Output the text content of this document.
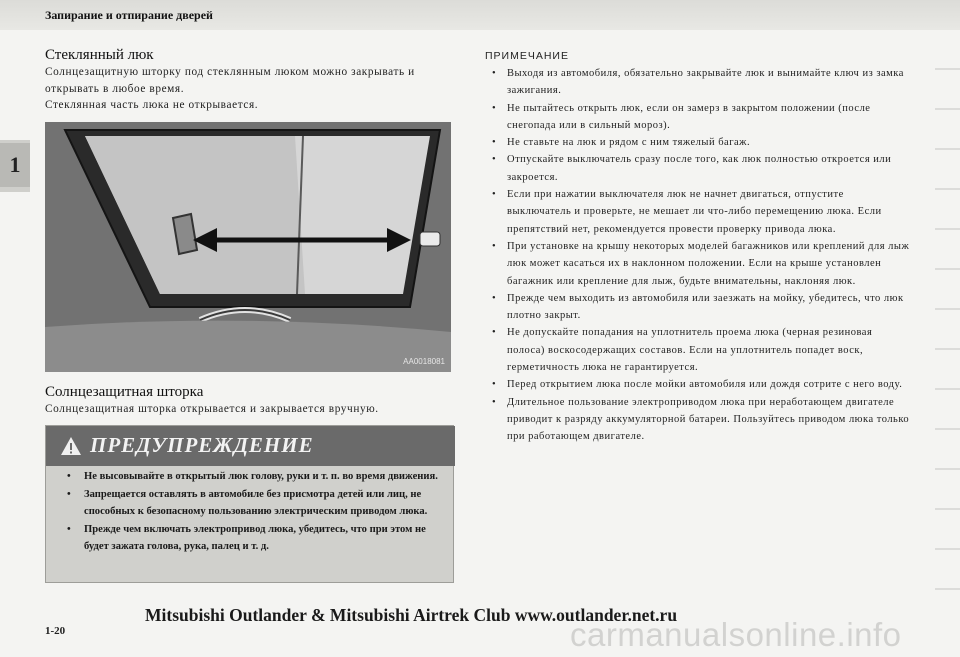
Запирание и отпирание дверей
1
Стеклянный люк
Солнцезащитную шторку под стеклянным люком можно закрывать и
открывать в любое время.
Стеклянная часть люка не открывается.
AA0018081
Солнцезащитная шторка
Солнцезащитная шторка открывается и закрывается вручную.
ПРЕДУПРЕЖДЕНИЕ
• Не высовывайте в открытый люк голову, руки и т. п. во время движения.
• Запрещается оставлять в автомобиле без присмотра детей или лиц, не способных к безопасному пользованию электрическим приводом люка.
• Прежде чем включать электропривод люка, убедитесь, что при этом не будет зажата голова, рука, палец и т. д.
ПРИМЕЧАНИЕ
• Выходя из автомобиля, обязательно закрывайте люк и вынимайте ключ из замка зажигания.
• Не пытайтесь открыть люк, если он замерз в закрытом положении (после снегопада или в сильный мороз).
• Не ставьте на люк и рядом с ним тяжелый багаж.
• Отпускайте выключатель сразу после того, как люк полностью откроется или закроется.
• Если при нажатии выключателя люк не начнет двигаться, отпустите выключатель и проверьте, не мешает ли что-либо перемещению люка. Если препятствий нет, рекомендуется провести проверку привода люка.
• При установке на крышу некоторых моделей багажников или креплений для лыж люк может касаться их в наклонном положении. Если на крыше установлен багажник или крепление для лыж, будьте внимательны, наклоняя люк.
• Прежде чем выходить из автомобиля или заезжать на мойку, убедитесь, что люк плотно закрыт.
• Не допускайте попадания на уплотнитель проема люка (черная резиновая полоса) воскосодержащих составов. Если на уплотнитель попадет воск, герметичность люка не гарантируется.
• Перед открытием люка после мойки автомобиля или дождя сотрите с него воду.
• Длительное пользование электроприводом люка при неработающем двигателе приводит к разряду аккумуляторной батареи. Пользуйтесь приводом люка только при работающем двигателе.
1-20
Mitsubishi Outlander & Mitsubishi Airtrek Club www.outlander.net.ru
carmanualsonline.info
